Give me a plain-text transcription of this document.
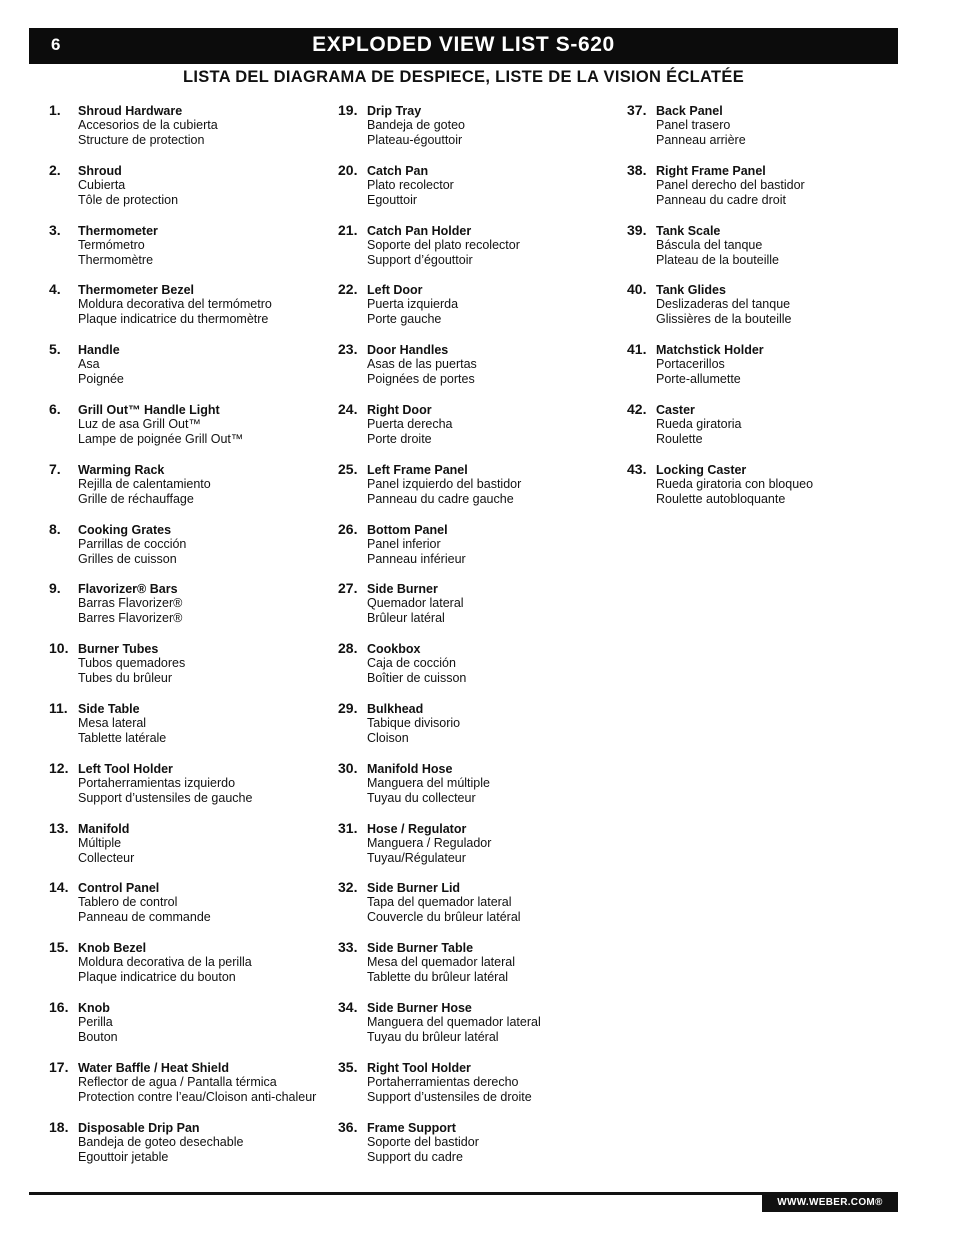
6	EXPLODED VIEW LIST S-620
LISTA DEL DIAGRAMA DE DESPIECE, LISTE DE LA VISION ÉCLATÉE
1.	Shroud Hardware
Accesorios de la cubierta
Structure de protection
2.	Shroud
Cubierta
Tôle de protection
3.	Thermometer
Termómetro
Thermomètre
4.	Thermometer Bezel
Moldura decorativa del termómetro
Plaque indicatrice du thermomètre
5.	Handle
Asa
Poignée
6.	Grill Out™ Handle Light
Luz de asa Grill Out™
Lampe de poignée Grill Out™
7.	Warming Rack
Rejilla de calentamiento
Grille de réchauffage
8.	Cooking Grates
Parrillas de cocción
Grilles de cuisson
9.	Flavorizer® Bars
Barras Flavorizer®
Barres Flavorizer®
10. Burner Tubes
Tubos quemadores
Tubes du brûleur
11. Side Table
Mesa lateral
Tablette latérale
12. Left Tool Holder
Portaherramientas izquierdo
Support d’ustensiles de gauche
13. Manifold
Múltiple
Collecteur
14. Control Panel
Tablero de control
Panneau de commande
15. Knob Bezel
Moldura decorativa de la perilla
Plaque indicatrice du bouton
16. Knob
Perilla
Bouton
17. Water Baffle / Heat Shield
Reflector de agua / Pantalla térmica
Protection contre l’eau/Cloison anti-chaleur
18. Disposable Drip Pan
Bandeja de goteo desechable
Egouttoir jetable
19. Drip Tray
Bandeja de goteo
Plateau-égouttoir
20. Catch Pan
Plato recolector
Egouttoir
21. Catch Pan Holder
Soporte del plato recolector
Support d’égouttoir
22. Left Door
Puerta izquierda
Porte gauche
23. Door Handles
Asas de las puertas
Poignées de portes
24. Right Door
Puerta derecha
Porte droite
25. Left Frame Panel
Panel izquierdo del bastidor
Panneau du cadre gauche
26. Bottom Panel
Panel inferior
Panneau inférieur
27. Side Burner
Quemador lateral
Brûleur latéral
28. Cookbox
Caja de cocción
Boîtier de cuisson
29. Bulkhead
Tabique divisorio
Cloison
30. Manifold Hose
Manguera del múltiple
Tuyau du collecteur
31. Hose / Regulator
Manguera / Regulador
Tuyau/Régulateur
32. Side Burner Lid
Tapa del quemador lateral
Couvercle du brûleur latéral
33. Side Burner Table
Mesa del quemador lateral
Tablette du brûleur latéral
34. Side Burner Hose
Manguera del quemador lateral
Tuyau du brûleur latéral
35. Right Tool Holder
Portaherramientas derecho
Support d’ustensiles de droite
36. Frame Support
Soporte del bastidor
Support du cadre
37. Back Panel
Panel trasero
Panneau arrière
38. Right Frame Panel
Panel derecho del bastidor
Panneau du cadre droit
39. Tank Scale
Báscula del tanque
Plateau de la bouteille
40. Tank Glides
Deslizaderas del tanque
Glissières de la bouteille
41. Matchstick Holder
Portacerillos
Porte-allumette
42. Caster
Rueda giratoria
Roulette
43. Locking Caster
Rueda giratoria con bloqueo
Roulette autobloquante
WWW.WEBER.COM®
